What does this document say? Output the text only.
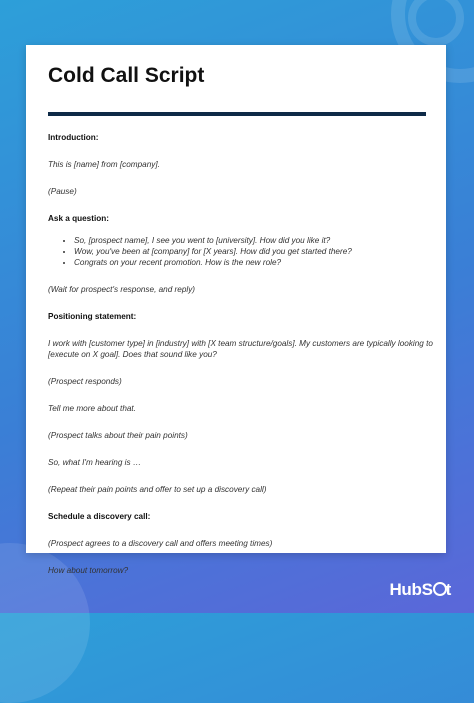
Cold Call Script

Introduction:

This is [name] from [company].

(Pause)

Ask a question:

• So, [prospect name], I see you went to [university]. How did you like it?
• Wow, you've been at [company] for [X years]. How did you get started there?
• Congrats on your recent promotion. How is the new role?

(Wait for prospect's response, and reply)

Positioning statement:

I work with [customer type] in [industry] with [X team structure/goals]. My customers are typically looking to [execute on X goal]. Does that sound like you?

(Prospect responds)

Tell me more about that.

(Prospect talks about their pain points)

So, what I'm hearing is …

(Repeat their pain points and offer to set up a discovery call)

Schedule a discovery call:

(Prospect agrees to a discovery call and offers meeting times)

How about tomorrow?

HubS t
